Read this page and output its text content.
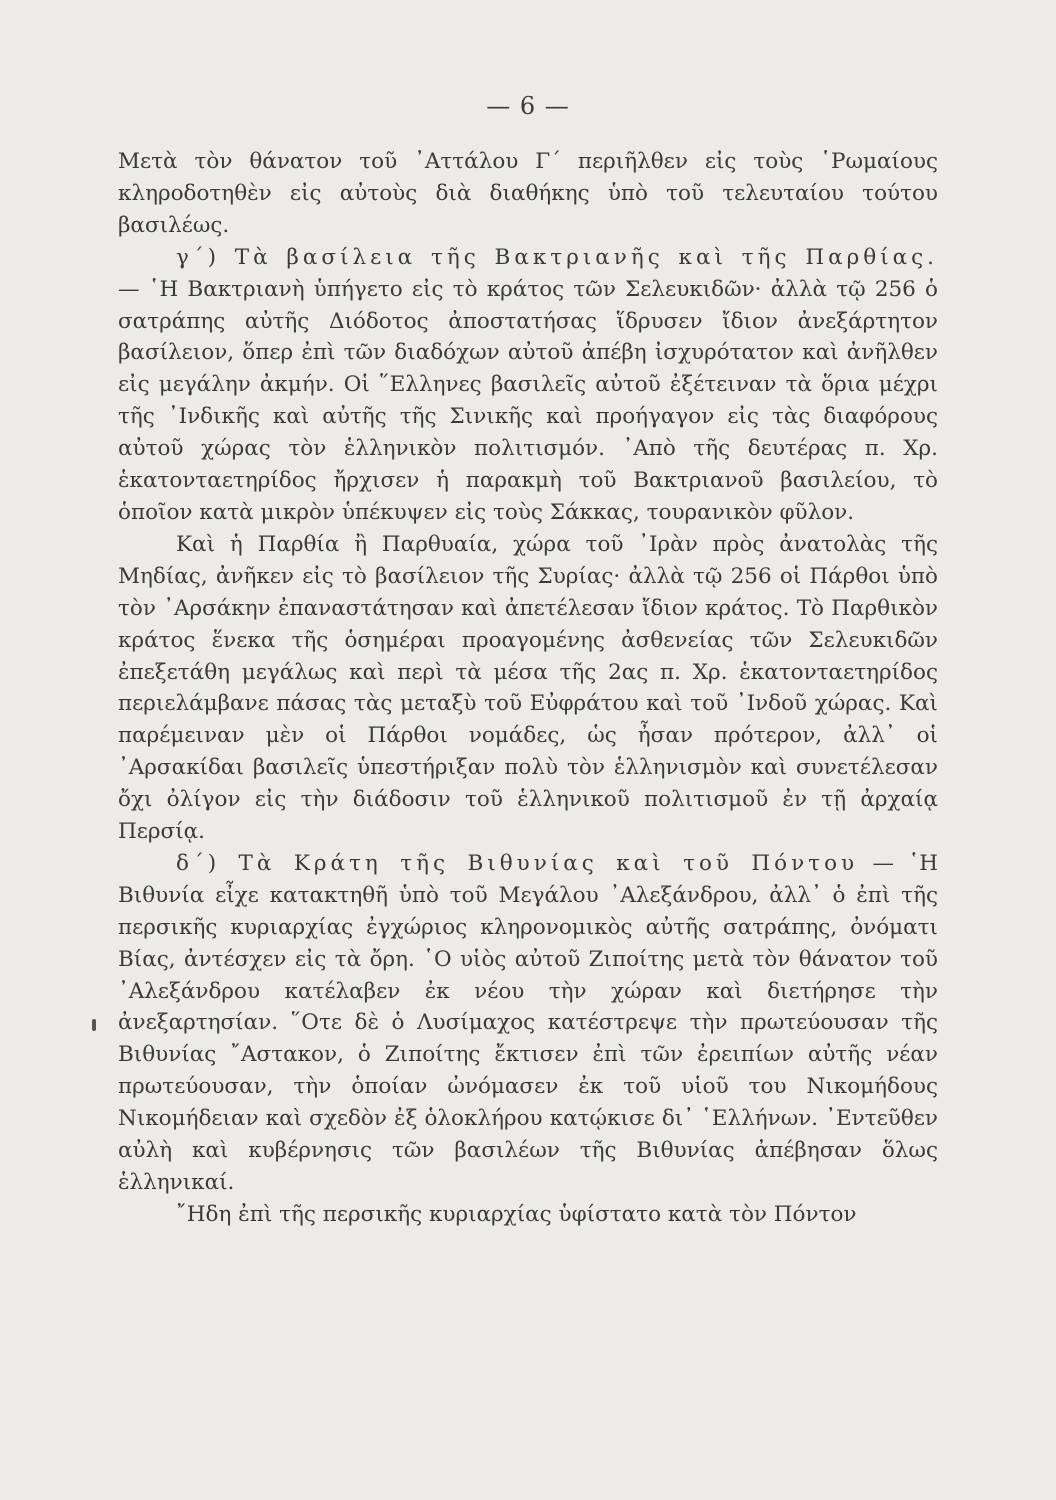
— 6 —

Μετὰ τὸν θάνατον τοῦ ᾿Αττάλου Γ΄ περιῆλθεν εἰς τοὺς ῾Ρωμαίους κληροδοτηθὲν εἰς αὐτοὺς διὰ διαθήκης ὑπὸ τοῦ τελευταίου τούτου βασιλέως.

γ΄) Τὰ βασίλεια τῆς Βακτριανῆς καὶ τῆς Παρθίας. — ῾Η Βακτριανὴ ὑπήγετο εἰς τὸ κράτος τῶν Σελευκιδῶν· ἀλλὰ τῷ 256 ὁ σατράπης αὐτῆς Διόδοτος ἀποστατήσας ἵδρυσεν ἴδιον ἀνεξάρτητον βασίλειον, ὅπερ ἐπὶ τῶν διαδόχων αὐτοῦ ἀπέβη ἰσχυρότατον καὶ ἀνῆλθεν εἰς μεγάλην ἀκμήν. Οἱ ῞Ελληνες βασιλεῖς αὐτοῦ ἐξέτειναν τὰ ὅρια μέχρι τῆς ᾿Ινδικῆς καὶ αὐτῆς τῆς Σινικῆς καὶ προήγαγον εἰς τὰς διαφόρους αὐτοῦ χώρας τὸν ἑλληνικὸν πολιτισμόν. ᾿Απὸ τῆς δευτέρας π. Χρ. ἑκατονταετηρίδος ἤρχισεν ἡ παρακμὴ τοῦ Βακτριανοῦ βασιλείου, τὸ ὁποῖον κατὰ μικρὸν ὑπέκυψεν εἰς τοὺς Σάκκας, τουρανικὸν φῦλον.

Καὶ ἡ Παρθία ἢ Παρθυαία, χώρα τοῦ ᾿Ιρὰν πρὸς ἀνατολὰς τῆς Μηδίας, ἀνῆκεν εἰς τὸ βασίλειον τῆς Συρίας· ἀλλὰ τῷ 256 οἱ Πάρθοι ὑπὸ τὸν ᾿Αρσάκην ἐπαναστάτησαν καὶ ἀπετέλεσαν ἴδιον κράτος. Τὸ Παρθικὸν κράτος ἕνεκα τῆς ὁσημέραι προαγομένης ἀσθενείας τῶν Σελευκιδῶν ἐπεξετάθη μεγάλως καὶ περὶ τὰ μέσα τῆς 2ας π. Χρ. ἑκατονταετηρίδος περιελάμβανε πάσας τὰς μεταξὺ τοῦ Εὐφράτου καὶ τοῦ ᾿Ινδοῦ χώρας. Καὶ παρέμειναν μὲν οἱ Πάρθοι νομάδες, ὡς ἦσαν πρότερον, ἀλλ᾿ οἱ ᾿Αρσακίδαι βασιλεῖς ὑπεστήριξαν πολὺ τὸν ἑλληνισμὸν καὶ συνετέλεσαν ὄχι ὀλίγον εἰς τὴν διάδοσιν τοῦ ἑλληνικοῦ πολιτισμοῦ ἐν τῇ ἀρχαίᾳ Περσίᾳ.

δ΄) Τὰ Κράτη τῆς Βιθυνίας καὶ τοῦ Πόντου — ῾Η Βιθυνία εἶχε κατακτηθῆ ὑπὸ τοῦ Μεγάλου ᾿Αλεξάνδρου, ἀλλ᾿ ὁ ἐπὶ τῆς περσικῆς κυριαρχίας ἐγχώριος κληρονομικὸς αὐτῆς σατράπης, ὀνόματι Βίας, ἀντέσχεν εἰς τὰ ὄρη. ῾Ο υἱὸς αὐτοῦ Ζιποίτης μετὰ τὸν θάνατον τοῦ ᾿Αλεξάνδρου κατέλαβεν ἐκ νέου τὴν χώραν καὶ διετήρησε τὴν ἀνεξαρτησίαν. ῞Οτε δὲ ὁ Λυσίμαχος κατέστρεψε τὴν πρωτεύουσαν τῆς Βιθυνίας ῎Αστακον, ὁ Ζιποίτης ἔκτισεν ἐπὶ τῶν ἐρειπίων αὐτῆς νέαν πρωτεύουσαν, τὴν ὁποίαν ὠνόμασεν ἐκ τοῦ υἱοῦ του Νικομήδους Νικομήδειαν καὶ σχεδὸν ἐξ ὁλοκλήρου κατῴκισε δι᾿ ῾Ελλήνων. ᾿Εντεῦθεν αὐλὴ καὶ κυβέρνησις τῶν βασιλέων τῆς Βιθυνίας ἀπέβησαν ὅλως ἑλληνικαί.

῎Ηδη ἐπὶ τῆς περσικῆς κυριαρχίας ὑφίστατο κατὰ τὸν Πόντον
